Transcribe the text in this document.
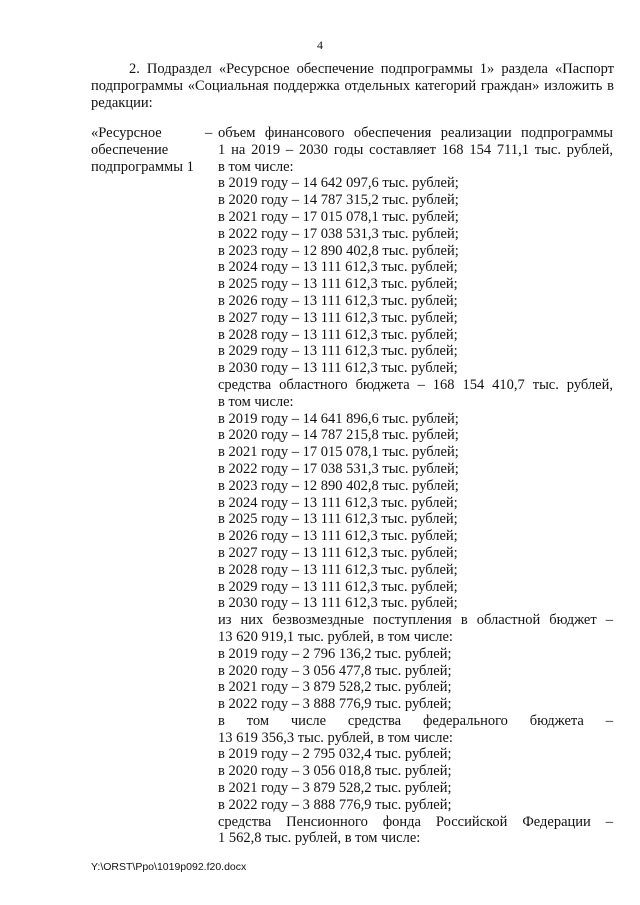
4

2. Подраздел «Ресурсное обеспечение подпрограммы 1» раздела «Паспорт подпрограммы «Социальная поддержка отдельных категорий граждан» изложить в редакции:

«Ресурсное
обеспечение
подпрограммы 1
– объем финансового обеспечения реализации подпрограммы
1 на 2019 – 2030 годы составляет 168 154 711,1 тыс. рублей,
в том числе:
в 2019 году – 14 642 097,6 тыс. рублей;
в 2020 году – 14 787 315,2 тыс. рублей;
в 2021 году – 17 015 078,1 тыс. рублей;
в 2022 году – 17 038 531,3 тыс. рублей;
в 2023 году – 12 890 402,8 тыс. рублей;
в 2024 году – 13 111 612,3 тыс. рублей;
в 2025 году – 13 111 612,3 тыс. рублей;
в 2026 году – 13 111 612,3 тыс. рублей;
в 2027 году – 13 111 612,3 тыс. рублей;
в 2028 году – 13 111 612,3 тыс. рублей;
в 2029 году – 13 111 612,3 тыс. рублей;
в 2030 году – 13 111 612,3 тыс. рублей;
средства областного бюджета – 168 154 410,7 тыс. рублей,
в том числе:
в 2019 году – 14 641 896,6 тыс. рублей;
в 2020 году – 14 787 215,8 тыс. рублей;
в 2021 году – 17 015 078,1 тыс. рублей;
в 2022 году – 17 038 531,3 тыс. рублей;
в 2023 году – 12 890 402,8 тыс. рублей;
в 2024 году – 13 111 612,3 тыс. рублей;
в 2025 году – 13 111 612,3 тыс. рублей;
в 2026 году – 13 111 612,3 тыс. рублей;
в 2027 году – 13 111 612,3 тыс. рублей;
в 2028 году – 13 111 612,3 тыс. рублей;
в 2029 году – 13 111 612,3 тыс. рублей;
в 2030 году – 13 111 612,3 тыс. рублей;
из них безвозмездные поступления в областной бюджет –
13 620 919,1 тыс. рублей, в том числе:
в 2019 году – 2 796 136,2 тыс. рублей;
в 2020 году – 3 056 477,8 тыс. рублей;
в 2021 году – 3 879 528,2 тыс. рублей;
в 2022 году – 3 888 776,9 тыс. рублей;
в том числе средства федерального бюджета –
13 619 356,3 тыс. рублей, в том числе:
в 2019 году – 2 795 032,4 тыс. рублей;
в 2020 году – 3 056 018,8 тыс. рублей;
в 2021 году – 3 879 528,2 тыс. рублей;
в 2022 году – 3 888 776,9 тыс. рублей;
средства Пенсионного фонда Российской Федерации –
1 562,8 тыс. рублей, в том числе:
Y:\ORST\Ppo\1019p092.f20.docx
